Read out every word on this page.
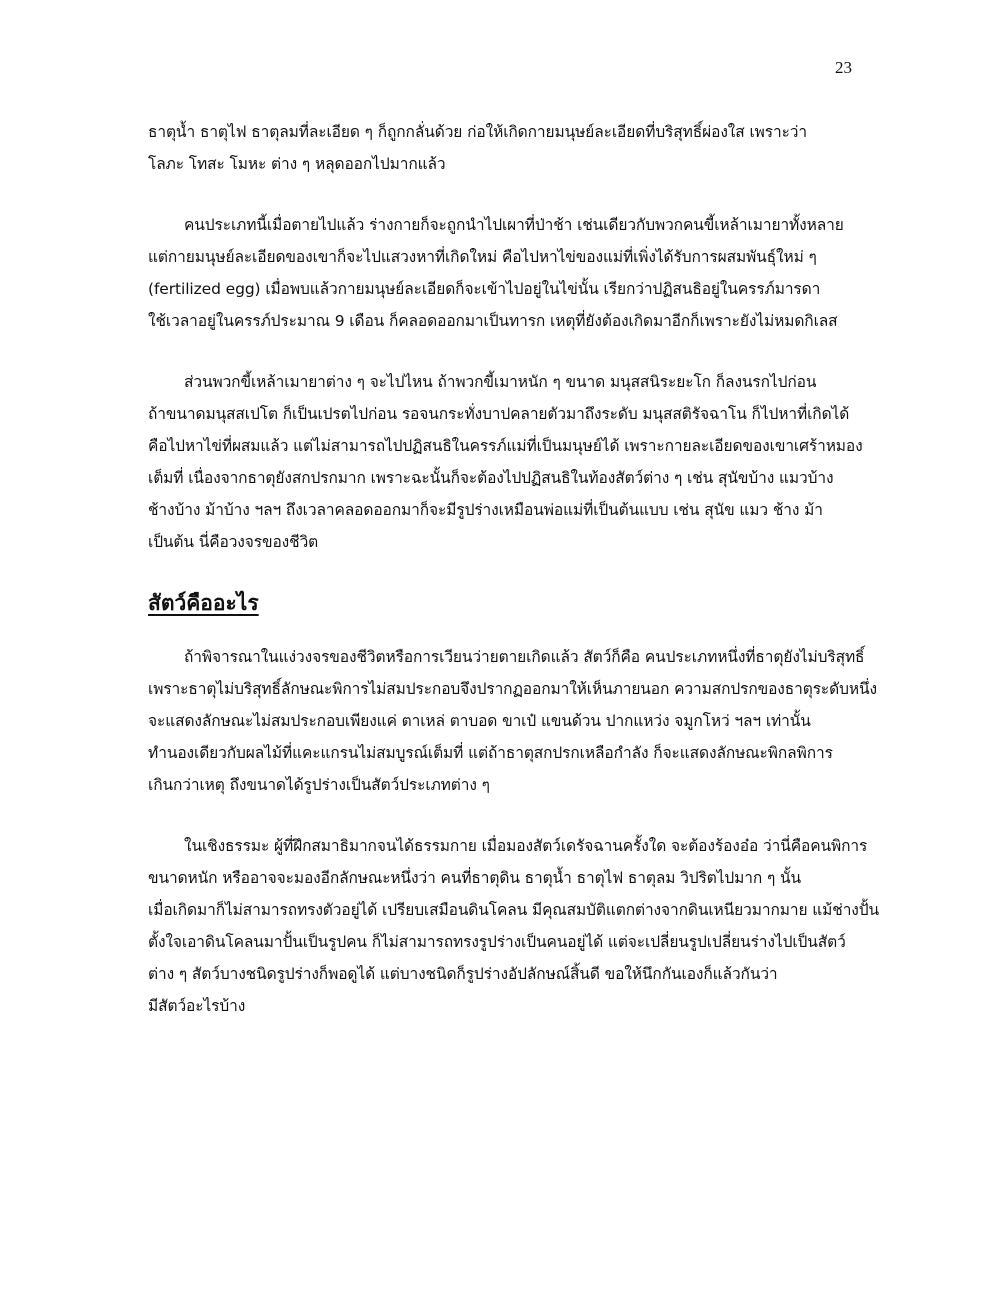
23
ธาตุน้ำ ธาตุไฟ ธาตุลมที่ละเอียด ๆ ก็ถูกกลั่นด้วย ก่อให้เกิดกายมนุษย์ละเอียดที่บริสุทธิ์ผ่องใส เพราะว่า
โลภะ โทสะ โมหะ ต่าง ๆ หลุดออกไปมากแล้ว
คนประเภทนี้เมื่อตายไปแล้ว ร่างกายก็จะถูกนำไปเผาที่ป่าช้า เช่นเดียวกับพวกคนขี้เหล้าเมายาทั้งหลาย
แต่กายมนุษย์ละเอียดของเขาก็จะไปแสวงหาที่เกิดใหม่ คือไปหาไข่ของแม่ที่เพิ่งได้รับการผสมพันธุ์ใหม่ ๆ
(fertilized egg) เมื่อพบแล้วกายมนุษย์ละเอียดก็จะเข้าไปอยู่ในไข่นั้น เรียกว่าปฏิสนธิอยู่ในครรภ์มารดา
ใช้เวลาอยู่ในครรภ์ประมาณ 9 เดือน ก็คลอดออกมาเป็นทารก เหตุที่ยังต้องเกิดมาอีกก็เพราะยังไม่หมดกิเลส
ส่วนพวกขี้เหล้าเมายาต่าง ๆ จะไปไหน ถ้าพวกขี้เมาหนัก ๆ ขนาด มนุสสนิระยะโก ก็ลงนรกไปก่อน
ถ้าขนาดมนุสสเปโต ก็เป็นเปรตไปก่อน รอจนกระทั่งบาปคลายตัวมาถึงระดับ มนุสสติรัจฉาโน ก็ไปหาที่เกิดได้
คือไปหาไข่ที่ผสมแล้ว แต่ไม่สามารถไปปฏิสนธิในครรภ์แม่ที่เป็นมนุษย์ได้ เพราะกายละเอียดของเขาเศร้าหมอง
เต็มที่ เนื่องจากธาตุยังสกปรกมาก เพราะฉะนั้นก็จะต้องไปปฏิสนธิในท้องสัตว์ต่าง ๆ เช่น สุนัขบ้าง แมวบ้าง
ช้างบ้าง ม้าบ้าง ฯลฯ ถึงเวลาคลอดออกมาก็จะมีรูปร่างเหมือนพ่อแม่ที่เป็นต้นแบบ เช่น สุนัข แมว ช้าง ม้า
เป็นต้น นี่คือวงจรของชีวิต
สัตว์คืออะไร
ถ้าพิจารณาในแง่วงจรของชีวิตหรือการเวียนว่ายตายเกิดแล้ว สัตว์ก็คือ คนประเภทหนึ่งที่ธาตุยังไม่บริสุทธิ์
เพราะธาตุไม่บริสุทธิ์ลักษณะพิการไม่สมประกอบจึงปรากฏออกมาให้เห็นภายนอก ความสกปรกของธาตุระดับหนึ่ง
จะแสดงลักษณะไม่สมประกอบเพียงแค่ ตาเหล่ ตาบอด ขาเป๋ แขนด้วน ปากแหว่ง จมูกโหว่ ฯลฯ เท่านั้น
ทำนองเดียวกับผลไม้ที่แคะแกรนไม่สมบูรณ์เต็มที่ แต่ถ้าธาตุสกปรกเหลือกำลัง ก็จะแสดงลักษณะพิกลพิการ
เกินกว่าเหตุ ถึงขนาดได้รูปร่างเป็นสัตว์ประเภทต่าง ๆ
ในเชิงธรรมะ ผู้ที่ฝึกสมาธิมากจนได้ธรรมกาย เมื่อมองสัตว์เดรัจฉานครั้งใด จะต้องร้องอ๋อ ว่านี่คือคนพิการ
ขนาดหนัก หรืออาจจะมองอีกลักษณะหนึ่งว่า คนที่ธาตุดิน ธาตุน้ำ ธาตุไฟ ธาตุลม วิปริตไปมาก ๆ นั้น
เมื่อเกิดมาก็ไม่สามารถทรงตัวอยู่ได้ เปรียบเสมือนดินโคลน มีคุณสมบัติแตกต่างจากดินเหนียวมากมาย แม้ช่างปั้น
ตั้งใจเอาดินโคลนมาปั้นเป็นรูปคน ก็ไม่สามารถทรงรูปร่างเป็นคนอยู่ได้ แต่จะเปลี่ยนรูปเปลี่ยนร่างไปเป็นสัตว์
ต่าง ๆ สัตว์บางชนิดรูปร่างก็พอดูได้ แต่บางชนิดก็รูปร่างอัปลักษณ์สิ้นดี ขอให้นึกกันเองก็แล้วกันว่า
มีสัตว์อะไรบ้าง
